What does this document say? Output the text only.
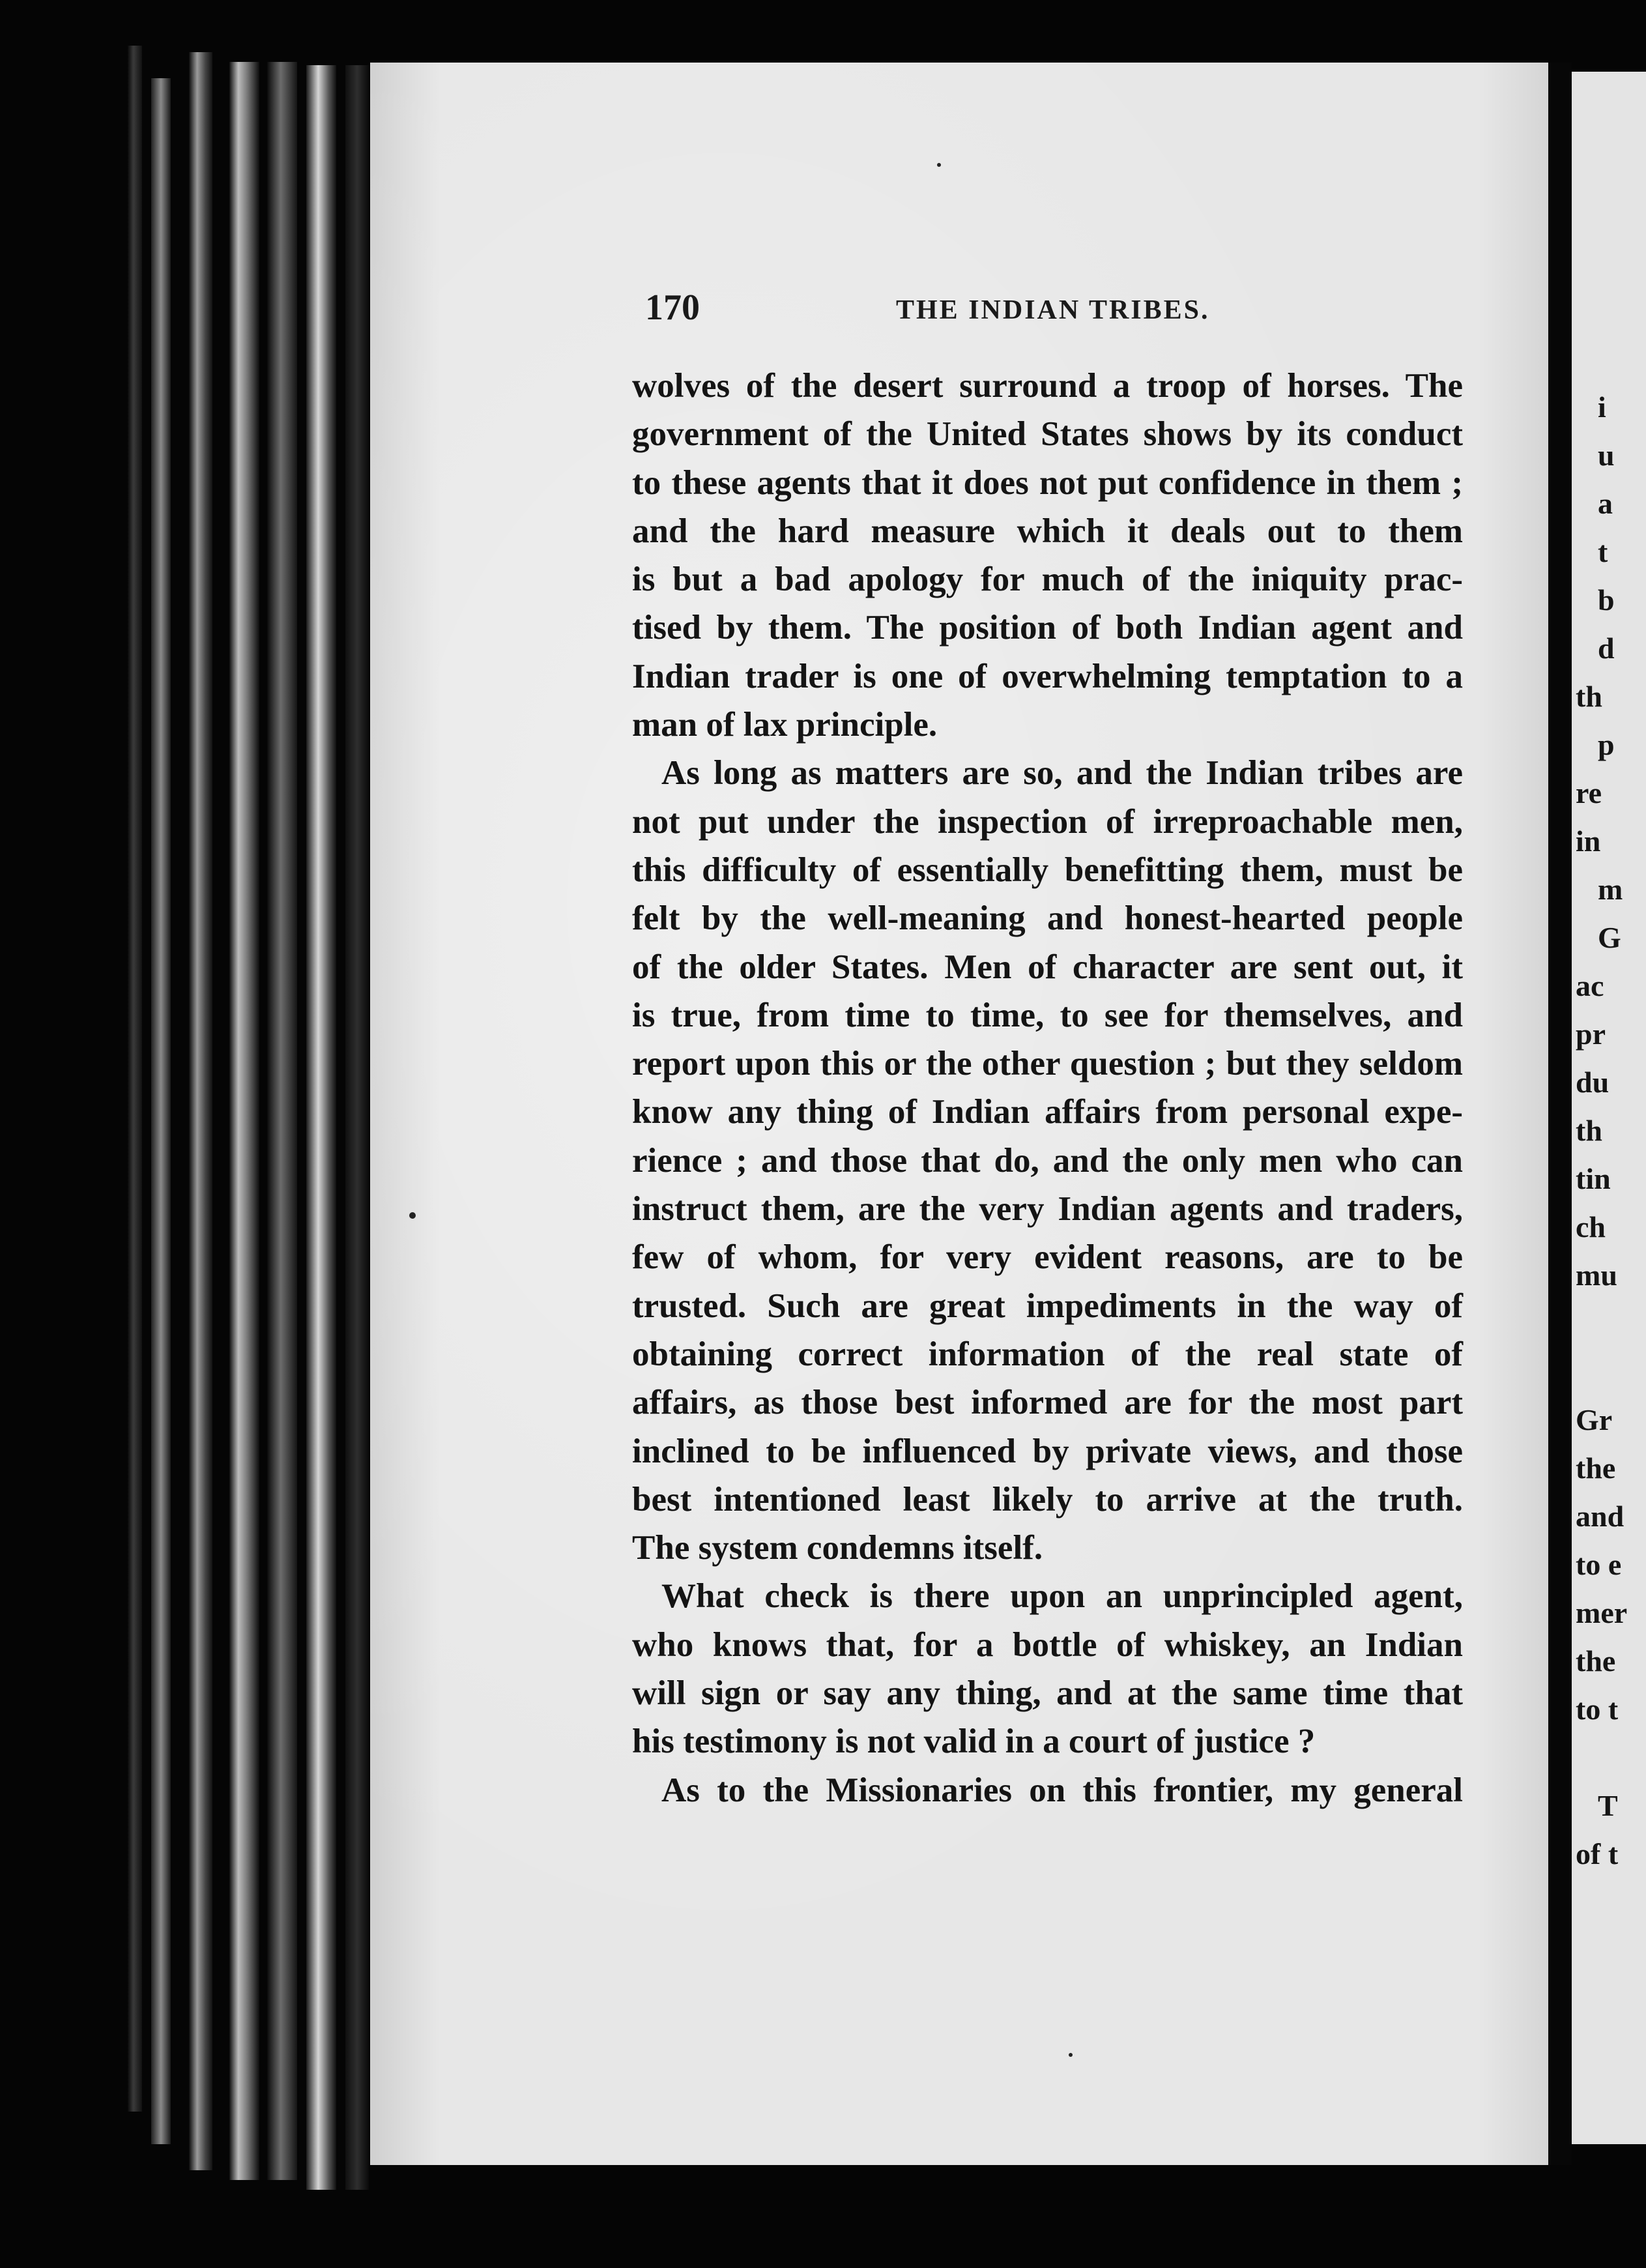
170	THE INDIAN TRIBES.
wolves of the desert surround a troop of horses. The
government of the United States shows by its conduct
to these agents that it does not put confidence in them ;
and the hard measure which it deals out to them
is but a bad apology for much of the iniquity prac-
tised by them. The position of both Indian agent and
Indian trader is one of overwhelming temptation to a
man of lax principle.
As long as matters are so, and the Indian tribes are
not put under the inspection of irreproachable men,
this difficulty of essentially benefitting them, must be
felt by the well-meaning and honest-hearted people
of the older States. Men of character are sent out, it
is true, from time to time, to see for themselves, and
report upon this or the other question ; but they seldom
know any thing of Indian affairs from personal expe-
rience ; and those that do, and the only men who can
instruct them, are the very Indian agents and traders,
few of whom, for very evident reasons, are to be
trusted. Such are great impediments in the way of
obtaining correct information of the real state of
affairs, as those best informed are for the most part
inclined to be influenced by private views, and those
best intentioned least likely to arrive at the truth.
The system condemns itself.
What check is there upon an unprincipled agent,
who knows that, for a bottle of whiskey, an Indian
will sign or say any thing, and at the same time that
his testimony is not valid in a court of justice ?
As to the Missionaries on this frontier, my general
i
u
a
t
b
d
th
p
re
in
m
G
ac
pr
du
th
tin
ch
mu
Gr
the
and
to e
mer
the
to t
T
of t
